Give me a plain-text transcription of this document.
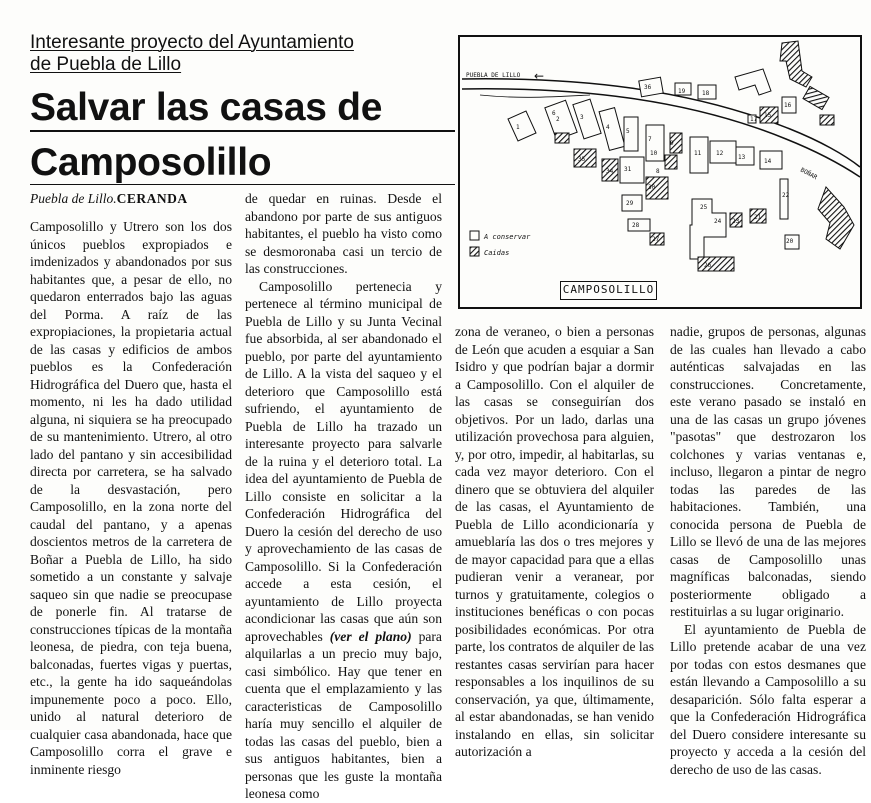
Interesante proyecto del Ayuntamiento
de Puebla de Lillo
Salvar las casas de
Camposolillo
Puebla de Lillo.CERANDA

Camposolillo y Utrero son los dos únicos pueblos expropiados e imdenizados y abandonados por sus habitantes que, a pesar de ello, no quedaron enterrados bajo las aguas del Porma. A raíz de las expropiaciones, la propietaria actual de las casas y edificios de ambos pueblos es la Confederación Hidrográfica del Duero que, hasta el momento, ni les ha dado utilidad alguna, ni siquiera se ha preocupado de su mantenimiento. Utrero, al otro lado del pantano y sin accesibilidad directa por carretera, se ha salvado de la desvastación, pero Camposolillo, en la zona norte del caudal del pantano, y a apenas doscientos metros de la carretera de Boñar a Puebla de Lillo, ha sido sometido a un constante y salvaje saqueo sin que nadie se preocupase de ponerle fin. Al tratarse de construcciones típicas de la montaña leonesa, de piedra, con teja buena, balconadas, fuertes vigas y puertas, etc., la gente ha ido saqueándolas impunemente poco a poco. Ello, unido al natural deterioro de cualquier casa abandonada, hace que Camposolillo corra el grave e inminente riesgo

de quedar en ruinas. Desde el abandono por parte de sus antiguos habitantes, el pueblo ha visto como se desmoronaba casi un tercio de las construcciones.

Camposolillo pertenecia y pertenece al término municipal de Puebla de Lillo y su Junta Vecinal fue absorbida, al ser abandonado el pueblo, por parte del ayuntamiento de Lillo. A la vista del saqueo y el deterioro que Camposolillo está sufriendo, el ayuntamiento de Puebla de Lillo ha trazado un interesante proyecto para salvarle de la ruina y el deterioro total. La idea del ayuntamiento de Puebla de Lillo consiste en solicitar a la Confederación Hidrográfica del Duero la cesión del derecho de uso y aprovechamiento de las casas de Camposolillo. Si la Confederación accede a esta cesión, el ayuntamiento de Lillo proyecta acondicionar las casas que aún son aprovechables (ver el plano) para alquilarlas a un precio muy bajo, casi simbólico. Hay que tener en cuenta que el emplazamiento y las caracteristicas de Camposolillo haría muy sencillo el alquiler de todas las casas del pueblo, bien a sus antiguos habitantes, bien a personas que les guste la montaña leonesa como

zona de veraneo, o bien a personas de León que acuden a esquiar a San Isidro y que podrían bajar a dormir a Camposolillo. Con el alquiler de las casas se conseguirían dos objetivos. Por un lado, darlas una utilización provechosa para alguien, y, por otro, impedir, al habitarlas, su cada vez mayor deterioro. Con el dinero que se obtuviera del alquiler de las casas, el Ayuntamiento de Puebla de Lillo acondicionaría y amueblaría las dos o tres mejores y de mayor capacidad para que a ellas pudieran venir a veranear, por turnos y gratuitamente, colegios o instituciones benéficas o con pocas posibilidades económicas. Por otra parte, los contratos de alquiler de las restantes casas servirían para hacer responsables a los inquilinos de su conservación, ya que, últimamente, al estar abandonadas, se han venido instalando en ellas, sin solicitar autorización a

nadie, grupos de personas, algunas de las cuales han llevado a cabo auténticas salvajadas en las construcciones. Concretamente, este verano pasado se instaló en una de las casas un grupo jóvenes "pasotas" que destrozaron los colchones y varias ventanas e, incluso, llegaron a pintar de negro todas las paredes de las habitaciones. También, una conocida persona de Puebla de Lillo se llevó de una de las mejores casas de Camposolillo unas magníficas balconadas, siendo posteriormente obligado a restituirlas a su lugar originario.

El ayuntamiento de Puebla de Lillo pretende acabar de una vez por todas con estos desmanes que están llevando a Camposolillo a su desaparición. Sólo falta esperar a que la Confederación Hidrográfica del Duero considere interesante su proyecto y acceda a la cesión del derecho de uso de las casas.

PUEBLA DE LILLO ←
BOÑAR
1
2	3
4
5
6
7
8
9
10	11 12
13
14
15
16
17
18
19
20
21
22
23
24
25
26
27
28
29
30
31
34
35
36
A conservar
Caidas
CAMPOSOLILLO
